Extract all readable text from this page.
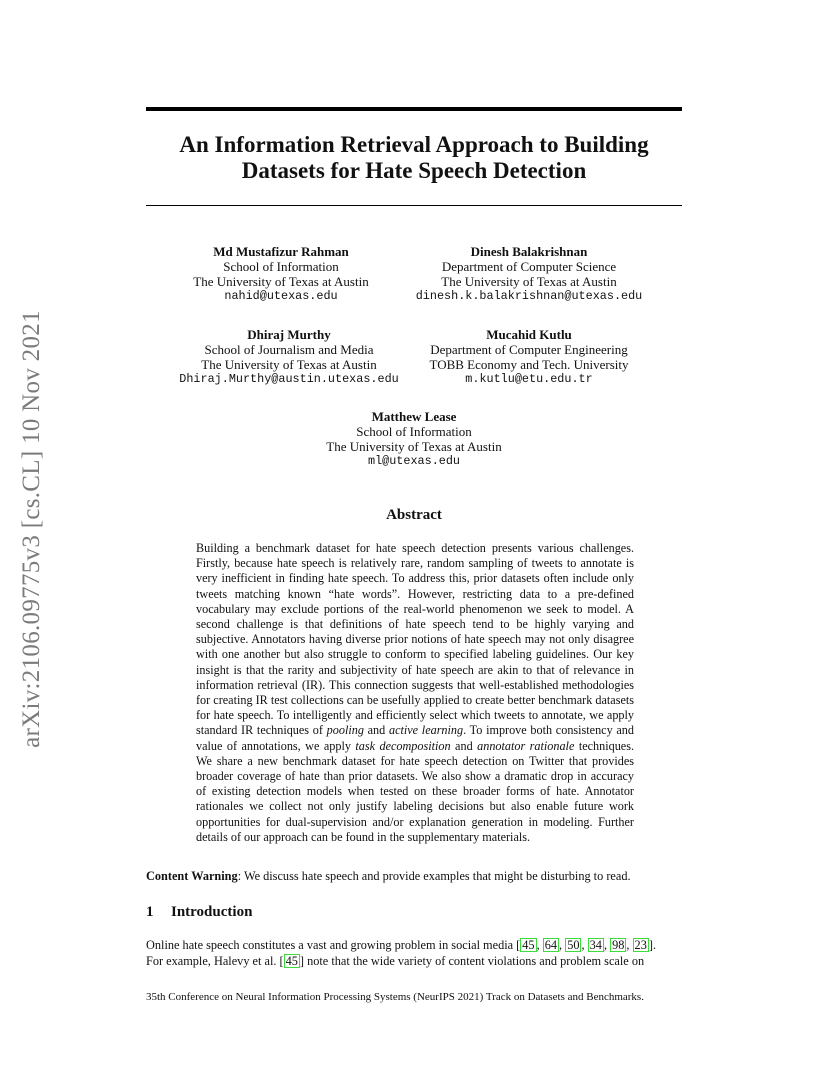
arXiv:2106.09775v3 [cs.CL] 10 Nov 2021
An Information Retrieval Approach to Building
Datasets for Hate Speech Detection
Md Mustafizur Rahman
School of Information
The University of Texas at Austin
nahid@utexas.edu
Dinesh Balakrishnan
Department of Computer Science
The University of Texas at Austin
dinesh.k.balakrishnan@utexas.edu
Dhiraj Murthy
School of Journalism and Media
The University of Texas at Austin
Dhiraj.Murthy@austin.utexas.edu
Mucahid Kutlu
Department of Computer Engineering
TOBB Economy and Tech. University
m.kutlu@etu.edu.tr
Matthew Lease
School of Information
The University of Texas at Austin
ml@utexas.edu
Abstract
Building a benchmark dataset for hate speech detection presents various challenges. Firstly, because hate speech is relatively rare, random sampling of tweets to annotate is very inefficient in finding hate speech. To address this, prior datasets often include only tweets matching known “hate words”. However, restricting data to a pre-defined vocabulary may exclude portions of the real-world phenomenon we seek to model. A second challenge is that definitions of hate speech tend to be highly varying and subjective. Annotators having diverse prior notions of hate speech may not only disagree with one another but also struggle to conform to specified labeling guidelines. Our key insight is that the rarity and subjectivity of hate speech are akin to that of relevance in information retrieval (IR). This connection suggests that well-established methodologies for creating IR test collections can be usefully applied to create better benchmark datasets for hate speech. To intelligently and efficiently select which tweets to annotate, we apply standard IR techniques of pooling and active learning. To improve both consistency and value of annotations, we apply task decomposition and annotator rationale techniques. We share a new benchmark dataset for hate speech detection on Twitter that provides broader coverage of hate than prior datasets. We also show a dramatic drop in accuracy of existing detection models when tested on these broader forms of hate. Annotator rationales we collect not only justify labeling decisions but also enable future work opportunities for dual-supervision and/or explanation generation in modeling. Further details of our approach can be found in the supplementary materials.
Content Warning: We discuss hate speech and provide examples that might be disturbing to read.
1 Introduction
Online hate speech constitutes a vast and growing problem in social media [ 45 , 64 , 50 , 34 , 98 , 23 ].
For example, Halevy et al. [ 45 ] note that the wide variety of content violations and problem scale on
35th Conference on Neural Information Processing Systems (NeurIPS 2021) Track on Datasets and Benchmarks.
